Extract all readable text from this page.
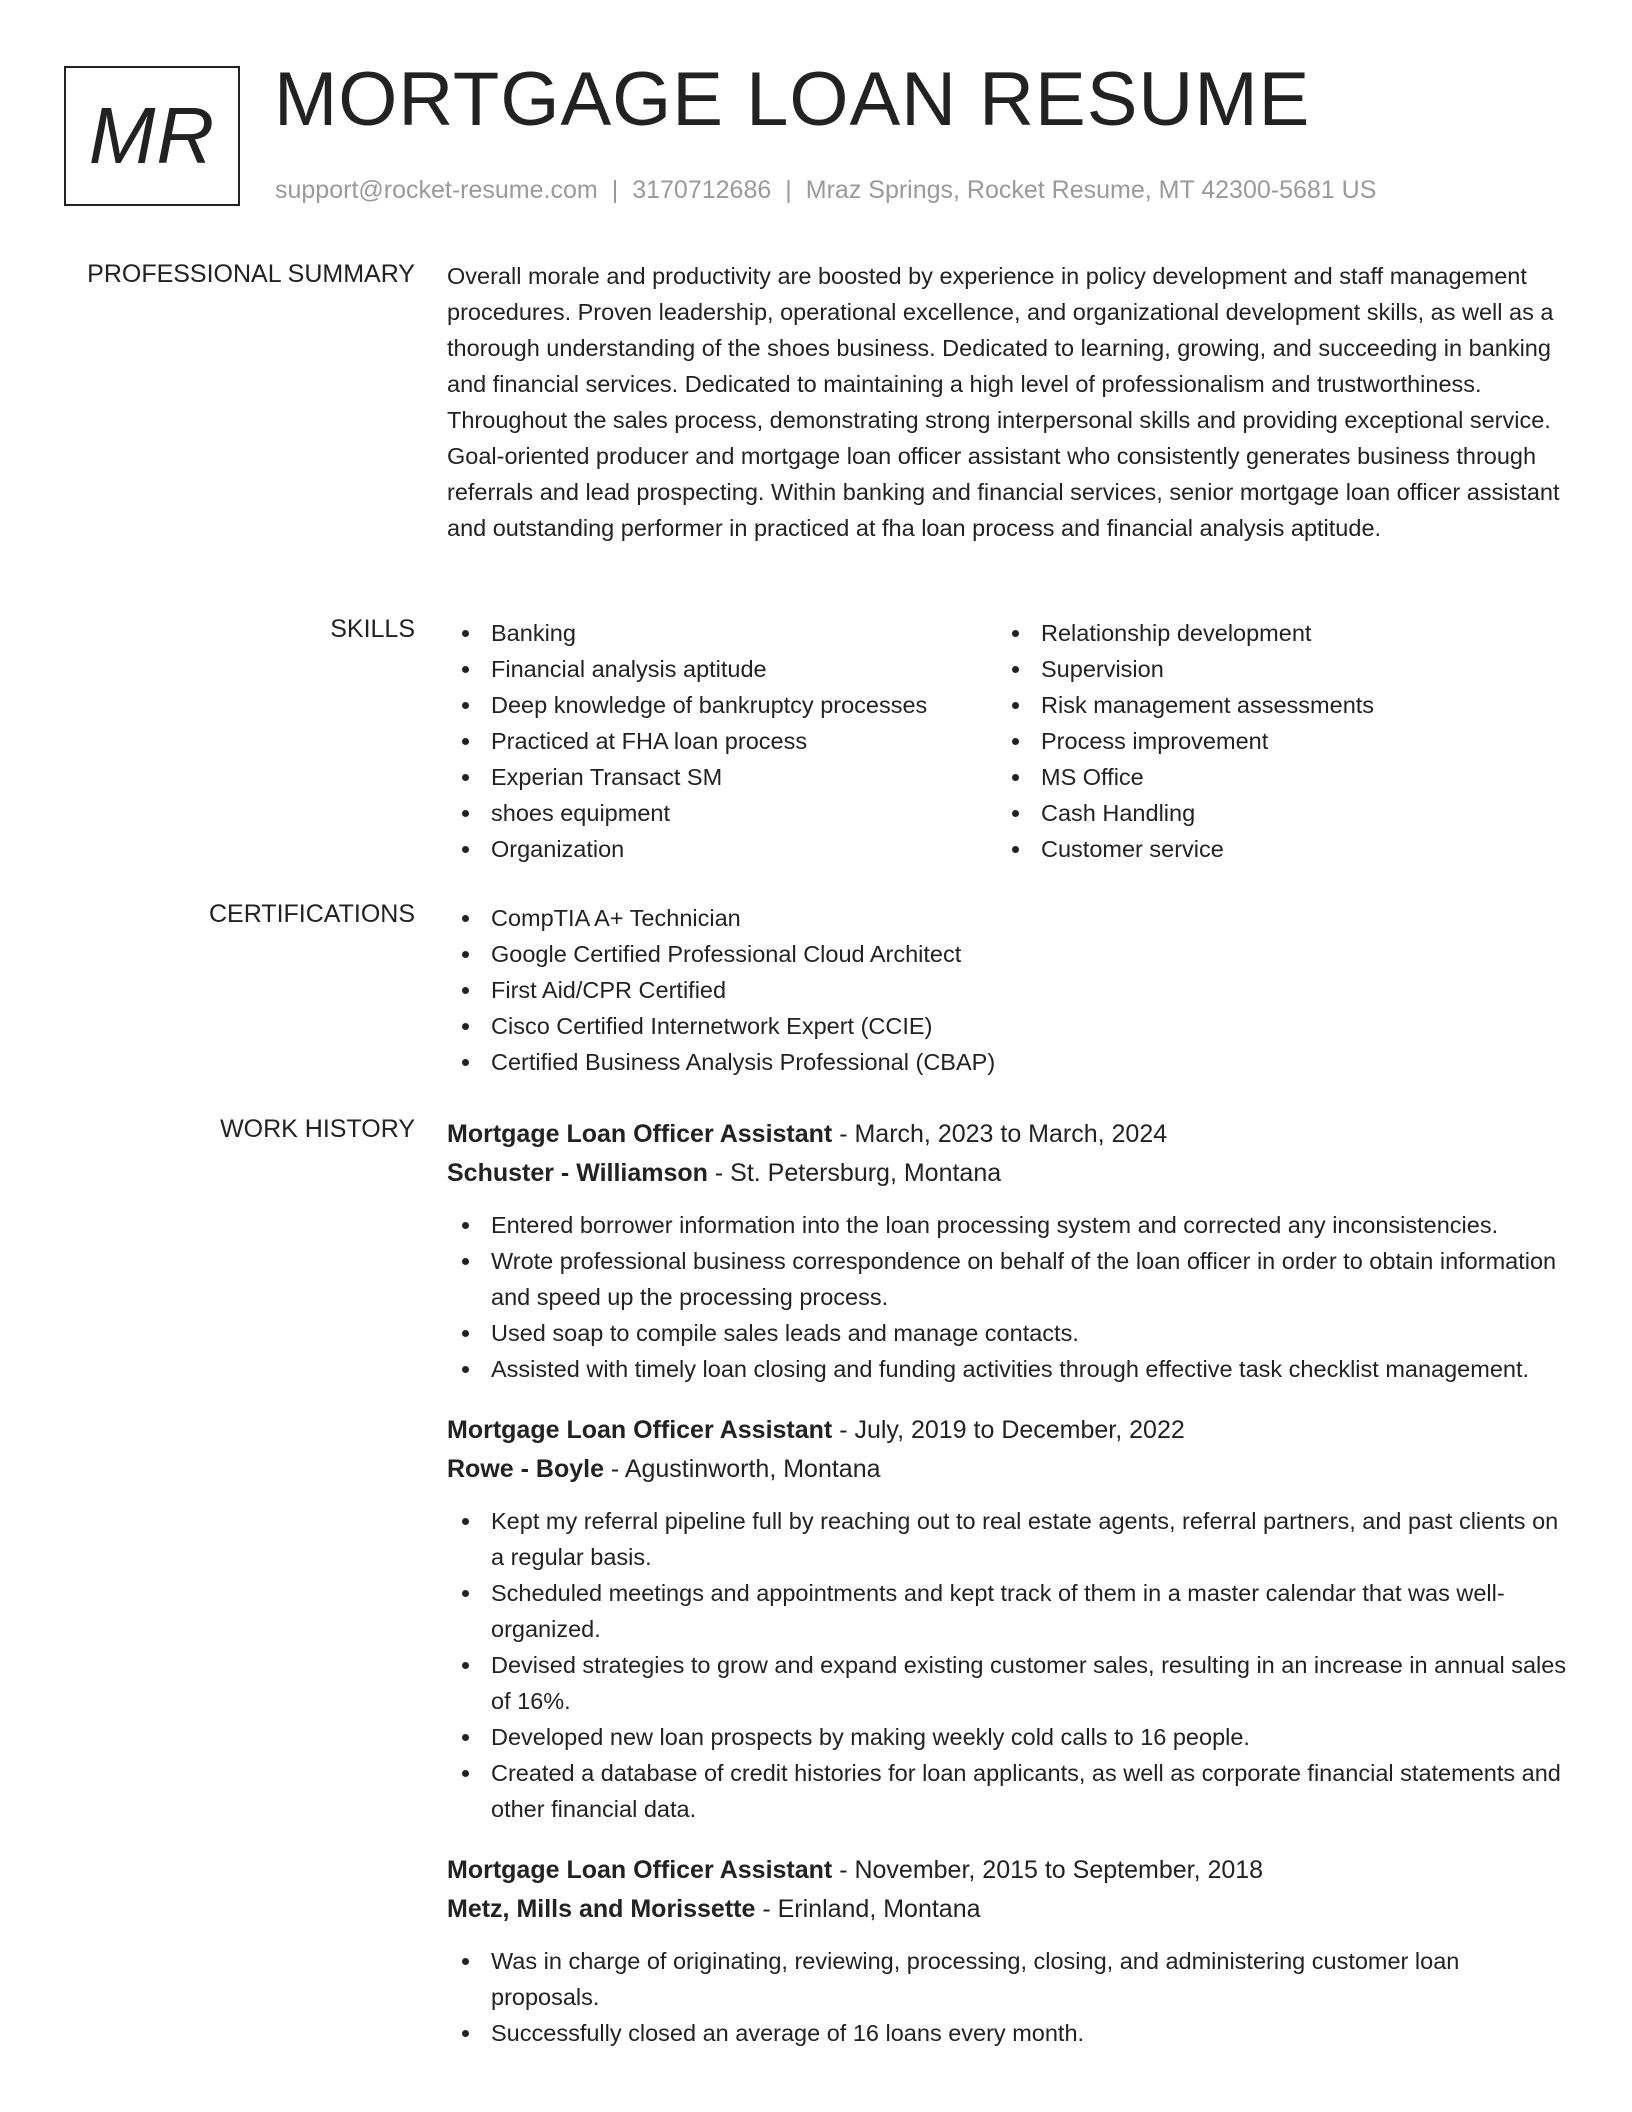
MR MORTGAGE LOAN RESUME
support@rocket-resume.com | 3170712686 | Mraz Springs, Rocket Resume, MT 42300-5681 US
PROFESSIONAL SUMMARY Overall morale and productivity are boosted by experience in policy development and staff management procedures. Proven leadership, operational excellence, and organizational development skills, as well as a thorough understanding of the shoes business. Dedicated to learning, growing, and succeeding in banking and financial services. Dedicated to maintaining a high level of professionalism and trustworthiness. Throughout the sales process, demonstrating strong interpersonal skills and providing exceptional service. Goal-oriented producer and mortgage loan officer assistant who consistently generates business through referrals and lead prospecting. Within banking and financial services, senior mortgage loan officer assistant and outstanding performer in practiced at fha loan process and financial analysis aptitude.

SKILLS	Banking
Financial analysis aptitude
Deep knowledge of bankruptcy processes
Practiced at FHA loan process
Experian Transact SM
shoes equipment
Organization
Relationship development
Supervision
Risk management assessments
Process improvement
MS Office
Cash Handling
Customer service
CERTIFICATIONS	CompTIA A+ Technician
Google Certified Professional Cloud Architect
First Aid/CPR Certified
Cisco Certified Internetwork Expert (CCIE)
Certified Business Analysis Professional (CBAP)
WORK HISTORY Mortgage Loan Officer Assistant - March, 2023 to March, 2024
Schuster - Williamson - St. Petersburg, Montana
Entered borrower information into the loan processing system and corrected any inconsistencies.
Wrote professional business correspondence on behalf of the loan officer in order to obtain information and speed up the processing process.
Used soap to compile sales leads and manage contacts.
Assisted with timely loan closing and funding activities through effective task checklist management.
Mortgage Loan Officer Assistant - July, 2019 to December, 2022
Rowe - Boyle - Agustinworth, Montana
Kept my referral pipeline full by reaching out to real estate agents, referral partners, and past clients on a regular basis.
Scheduled meetings and appointments and kept track of them in a master calendar that was well-organized.
Devised strategies to grow and expand existing customer sales, resulting in an increase in annual sales of 16%.
Developed new loan prospects by making weekly cold calls to 16 people.
Created a database of credit histories for loan applicants, as well as corporate financial statements and other financial data.
Mortgage Loan Officer Assistant - November, 2015 to September, 2018
Metz, Mills and Morissette - Erinland, Montana
Was in charge of originating, reviewing, processing, closing, and administering customer loan proposals.
Successfully closed an average of 16 loans every month.
